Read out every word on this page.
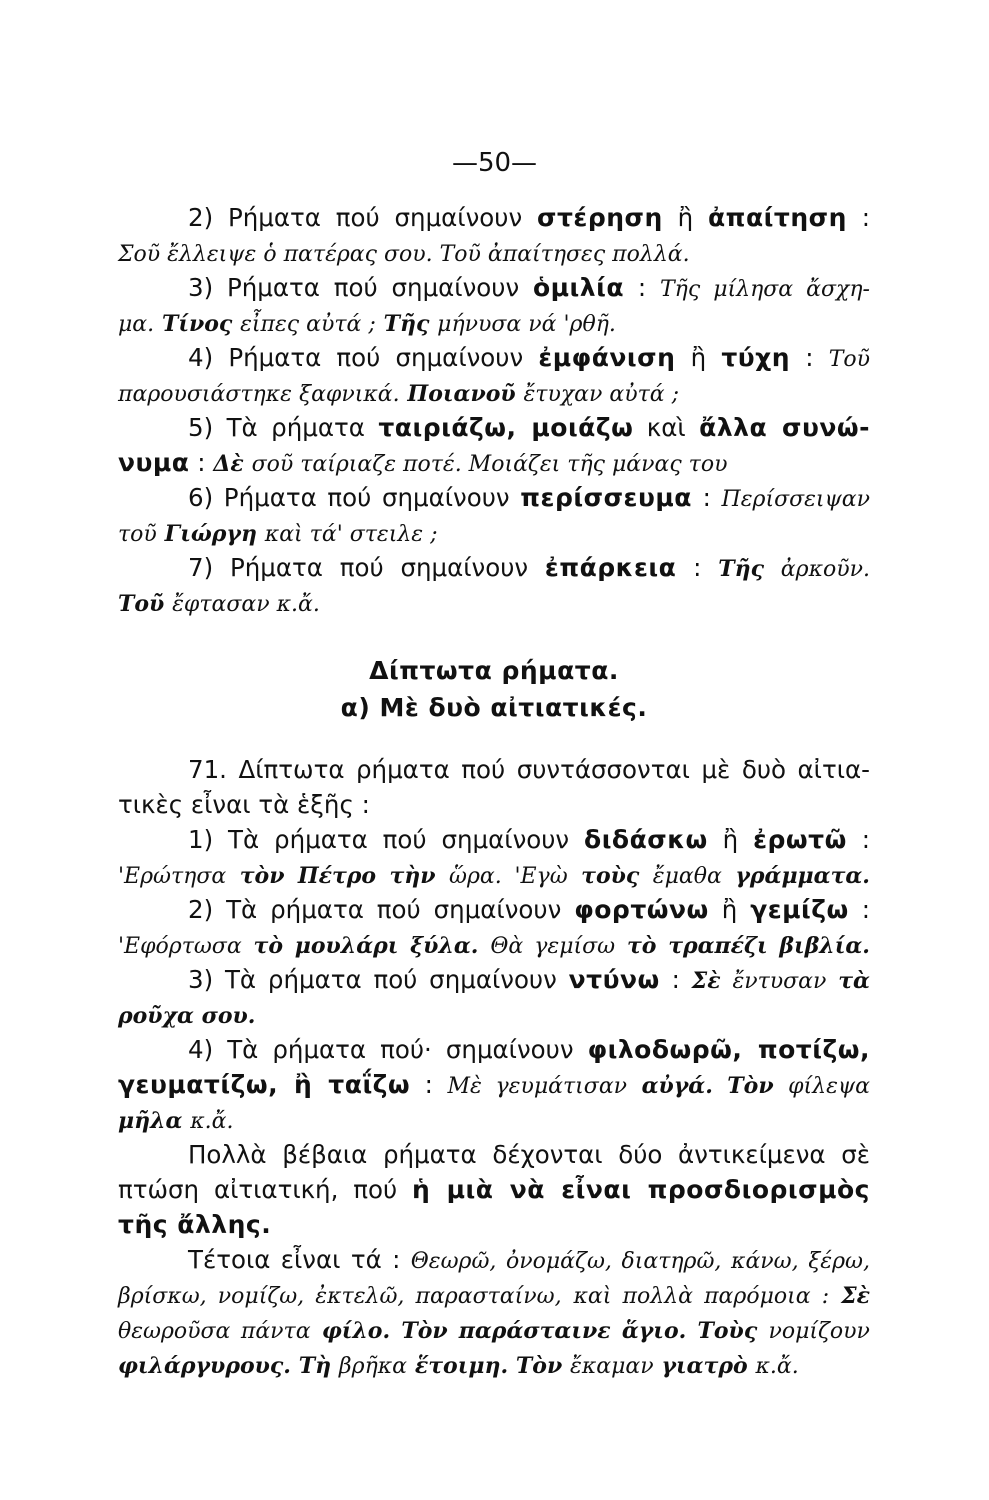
—50—
2) Ρήματα πού σημαίνουν στέρηση ἢ ἀπαίτηση :
Σοῦ ἔλλειψε ὁ πατέρας σου. Τοῦ ἀπαίτησες πολλά.
3) Ρήματα πού σημαίνουν ὁμιλία : Τῆς μίλησα ἄσχη-
μα. Τίνος εἶπες αὐτά ; Τῆς μήνυσα νά 'ρθῆ.
4) Ρήματα πού σημαίνουν ἐμφάνιση ἢ τύχη : Τοῦ
παρουσιάστηκε ξαφνικά. Ποιανοῦ ἔτυχαν αὐτά ;
5) Τὰ ρήματα ταιριάζω, μοιάζω καὶ ἄλλα συνώ-
νυμα : Δὲ σοῦ ταίριαζε ποτέ. Μοιάζει τῆς μάνας του
6) Ρήματα πού σημαίνουν περίσσευμα : Περίσσειψαν
τοῦ Γιώργη καὶ τά' στειλε ;
7) Ρήματα πού σημαίνουν ἐπάρκεια : Τῆς ἀρκοῦν.
Τοῦ ἔφτασαν κ.ἄ.
Δίπτωτα ρήματα.
α) Μὲ δυὸ αἰτιατικές.
71. Δίπτωτα ρήματα πού συντάσσονται μὲ δυὸ αἰτια-
τικὲς εἶναι τὰ ἑξῆς :
1) Τὰ ρήματα πού σημαίνουν διδάσκω ἢ ἐρωτῶ :
'Ερώτησα τὸν Πέτρο τὴν ὥρα. 'Εγὼ τοὺς ἔμαθα γράμματα.
2) Τὰ ρήματα πού σημαίνουν φορτώνω ἢ γεμίζω :
'Εφόρτωσα τὸ μουλάρι ξύλα. Θὰ γεμίσω τὸ τραπέζι βιβλία.
3) Τὰ ρήματα πού σημαίνουν ντύνω : Σὲ ἔντυσαν τὰ
ροῦχα σου.
4) Τὰ ρήματα πού· σημαίνουν φιλοδωρῶ, ποτίζω,
γευματίζω, ἢ ταΐζω : Μὲ γευμάτισαν αὐγά. Τὸν φίλεψα
μῆλα κ.ἄ.
Πολλὰ βέβαια ρήματα δέχονται δύο ἀντικείμενα σὲ
πτώση αἰτιατική, πού ἡ μιὰ νὰ εἶναι προσδιορισμὸς
τῆς ἄλλης.
Τέτοια εἶναι τά : Θεωρῶ, ὀνομάζω, διατηρῶ, κάνω, ξέρω,
βρίσκω, νομίζω, ἐκτελῶ, παρασταίνω, καὶ πολλὰ παρόμοια : Σὲ
θεωροῦσα πάντα φίλο. Τὸν παράσταινε ἅγιο. Τοὺς νομίζουν
φιλάργυρους. Τὴ βρῆκα ἕτοιμη. Τὸν ἔκαμαν γιατρὸ κ.ἄ.
